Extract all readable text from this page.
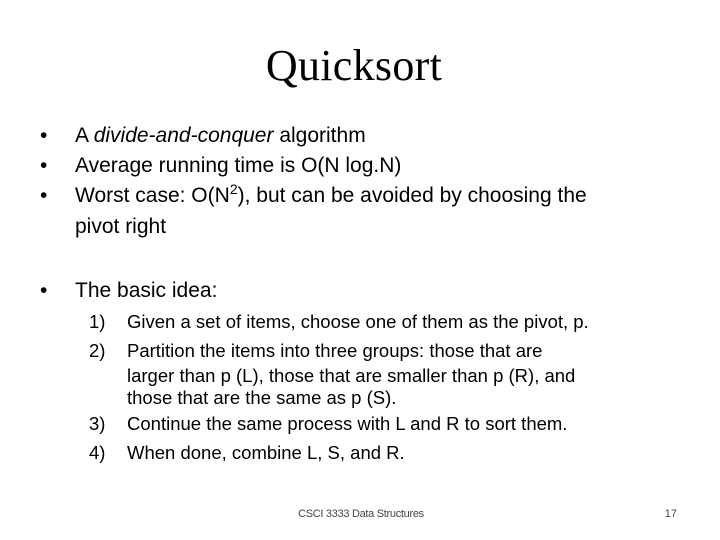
Quicksort
•	A divide-and-conquer algorithm
•	Average running time is O(N log.N)
•	Worst case: $O(N^2)$, but can be avoided by choosing the
pivot right
• The basic idea:
1)	Given a set of items, choose one of them as the pivot, p.
2)	Partition the items into three groups: those that are
larger than p (L), those that are smaller than p (R), and
those that are the same as p (S).
3)	Continue the same process with L and R to sort them.
4)	When done, combine L, S, and R.
CSCI 3333 Data Structures	17
